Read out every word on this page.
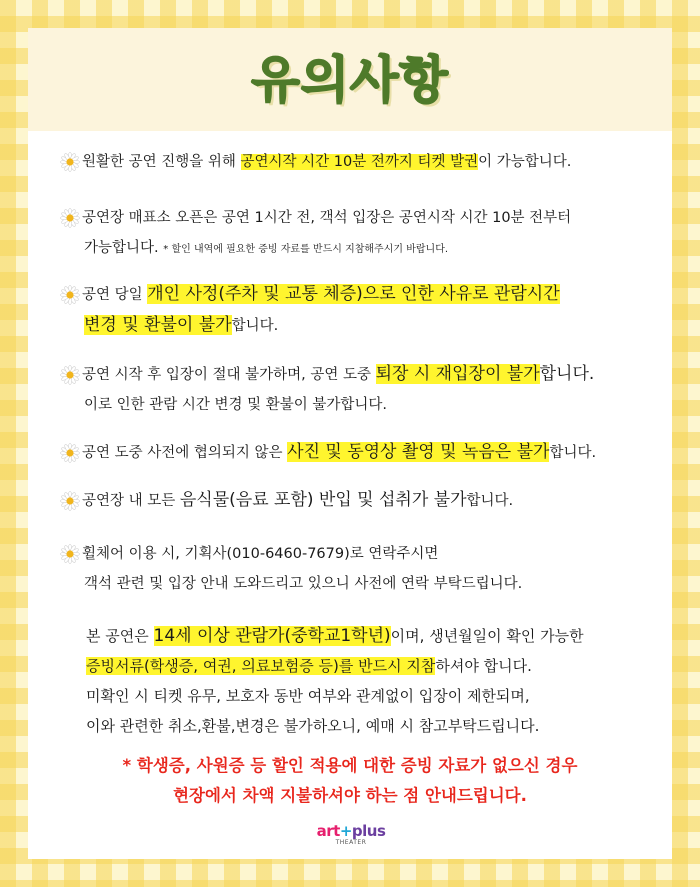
유의사항
원활한 공연 진행을 위해 공연시작 시간 10분 전까지 티켓 발권이 가능합니다.
공연장 매표소 오픈은 공연 1시간 전, 객석 입장은 공연시작 시간 10분 전부터
가능합니다. * 할인 내역에 필요한 증빙 자료를 반드시 지참해주시기 바랍니다.
공연 당일 개인 사정(주차 및 교통 체증)으로 인한 사유로 관람시간
변경 및 환불이 불가합니다.
공연 시작 후 입장이 절대 불가하며, 공연 도중 퇴장 시 재입장이 불가합니다.
이로 인한 관람 시간 변경 및 환불이 불가합니다.
공연 도중 사전에 협의되지 않은 사진 및 동영상 촬영 및 녹음은 불가합니다.
공연장 내 모든 음식물(음료 포함) 반입 및 섭취가 불가합니다.
휠체어 이용 시, 기획사(010-6460-7679)로 연락주시면
객석 관련 및 입장 안내 도와드리고 있으니 사전에 연락 부탁드립니다.
본 공연은 14세 이상 관람가(중학교1학년)이며, 생년월일이 확인 가능한
증빙서류(학생증, 여권, 의료보험증 등)를 반드시 지참하셔야 합니다.
미확인 시 티켓 유무, 보호자 동반 여부와 관계없이 입장이 제한되며,
이와 관련한 취소,환불,변경은 불가하오니, 예매 시 참고부탁드립니다.
* 학생증, 사원증 등 할인 적용에 대한 증빙 자료가 없으신 경우
현장에서 차액 지불하셔야 하는 점 안내드립니다.
art+plus
THEATER
